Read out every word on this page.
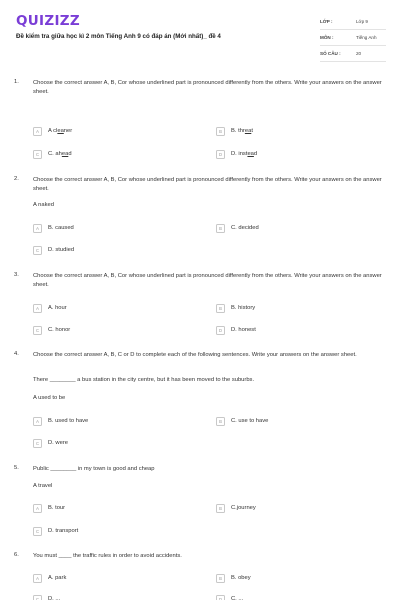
QUIZIZZ
Đề kiểm tra giữa học kì 2 môn Tiếng Anh 9 có đáp án (Mới nhất)_ đề 4
LỚP :	Lớp 9
MÔN :	Tiếng Anh
SỐ CÂU :	20
1. Choose the correct answer A, B, Cor whose underlined part is pronounced differently from the others. Write your answers on the answer sheet.
A	A cleaner	B	B. threat
C	C. ahead	D	D. instead
2. Choose the correct answer A, B, Cor whose underlined part is pronounced differently from the others. Write your answers on the answer sheet.
A naked
A	B. caused	B	C. decided
C	D. studied
3. Choose the correct answer A, B, Cor whose underlined part is pronounced differently from the others. Write your answers on the answer sheet.
A	A. hour	B	B. history
C	C. honor	D	D. honest
4. Choose the correct answer A, B, C or D to complete each of the following sentences. Write your answers on the answer sheet.
There ________ a bus station in the city centre, but it has been moved to the suburbs.
A used to be
A	B. used to have	B	C. use to have
C	D. were
5. Public ________ in my town is good and cheap
A travel
A	B. tour	B	C.journey
C	D. transport
6. You must ____ the traffic rules in order to avoid accidents.
A	A. park	B	B. obey
C	D. ...	D	C. ...
